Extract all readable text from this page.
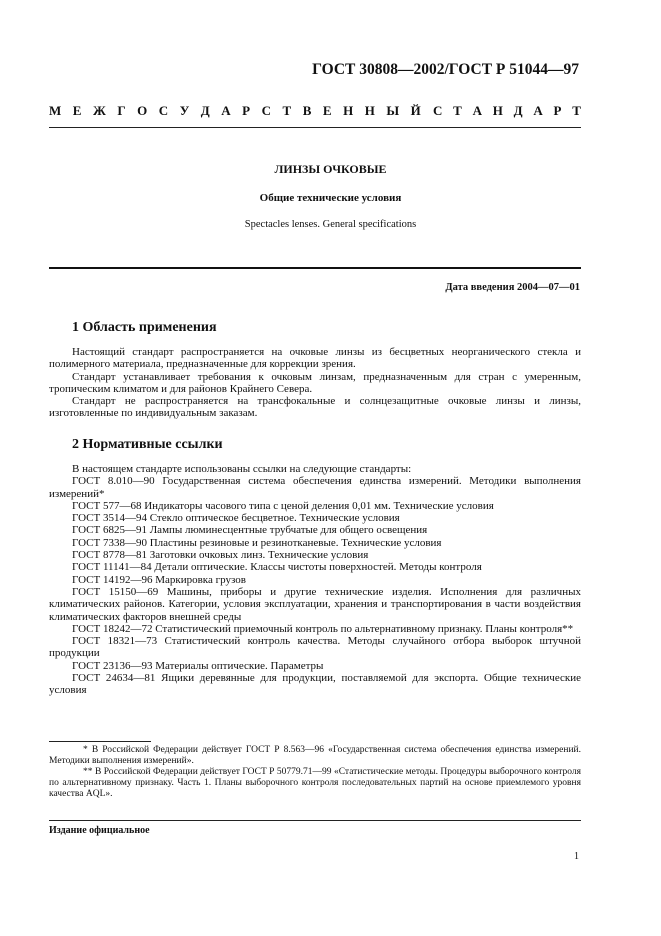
ГОСТ 30808—2002/ГОСТ Р 51044—97
М Е Ж Г О С У Д А Р С Т В Е Н Н Ы Й С Т А Н Д А Р Т
ЛИНЗЫ ОЧКОВЫЕ
Общие технические условия
Spectacles lenses. General specifications
Дата введения 2004—07—01
1 Область применения

Настоящий стандарт распространяется на очковые линзы из бесцветных неорганического стекла и полимерного материала, предназначенные для коррекции зрения.

Стандарт устанавливает требования к очковым линзам, предназначенным для стран с умеренным, тропическим климатом и для районов Крайнего Севера.

Стандарт не распространяется на трансфокальные и солнцезащитные очковые линзы и линзы, изготовленные по индивидуальным заказам.

2 Нормативные ссылки

В настоящем стандарте использованы ссылки на следующие стандарты:

ГОСТ 8.010—90 Государственная система обеспечения единства измерений. Методики выполнения измерений*

ГОСТ 577—68 Индикаторы часового типа с ценой деления 0,01 мм. Технические условия

ГОСТ 3514—94 Стекло оптическое бесцветное. Технические условия

ГОСТ 6825—91 Лампы люминесцентные трубчатые для общего освещения

ГОСТ 7338—90 Пластины резиновые и резинотканевые. Технические условия

ГОСТ 8778—81 Заготовки очковых линз. Технические условия

ГОСТ 11141—84 Детали оптические. Классы чистоты поверхностей. Методы контроля

ГОСТ 14192—96 Маркировка грузов

ГОСТ 15150—69 Машины, приборы и другие технические изделия. Исполнения для различных климатических районов. Категории, условия эксплуатации, хранения и транспортирования в части воздействия климатических факторов внешней среды

ГОСТ 18242—72 Статистический приемочный контроль по альтернативному признаку. Планы контроля**

ГОСТ 18321—73 Статистический контроль качества. Методы случайного отбора выборок штучной продукции

ГОСТ 23136—93 Материалы оптические. Параметры

ГОСТ 24634—81 Ящики деревянные для продукции, поставляемой для экспорта. Общие технические условия

* В Российской Федерации действует ГОСТ Р 8.563—96 «Государственная система обеспечения единства измерений. Методики выполнения измерений».

** В Российской Федерации действует ГОСТ Р 50779.71—99 «Статистические методы. Процедуры выборочного контроля по альтернативному признаку. Часть 1. Планы выборочного контроля последовательных партий на основе приемлемого уровня качества AQL».

Издание официальное
1
